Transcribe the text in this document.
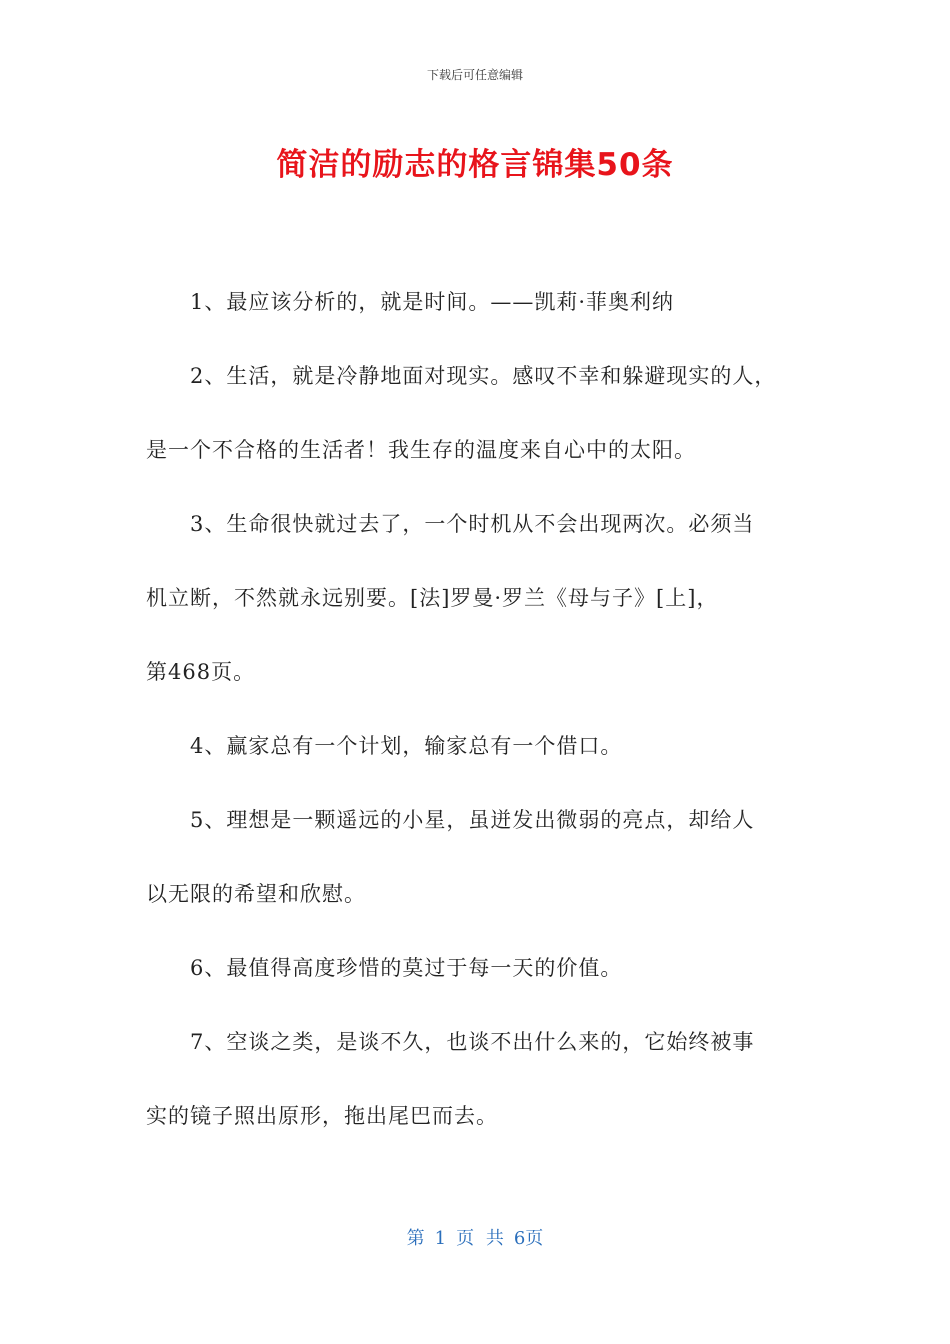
下载后可任意编辑
简洁的励志的格言锦集50条

1、最应该分析的，就是时间。——凯莉·菲奥利纳

2、生活，就是冷静地面对现实。感叹不幸和躲避现实的人，
是一个不合格的生活者！我生存的温度来自心中的太阳。

3、生命很快就过去了，一个时机从不会出现两次。必须当
机立断，不然就永远别要。[法]罗曼·罗兰《母与子》[上]，
第468页。

4、赢家总有一个计划，输家总有一个借口。

5、理想是一颗遥远的小星，虽迸发出微弱的亮点，却给人
以无限的希望和欣慰。

6、最值得高度珍惜的莫过于每一天的价值。

7、空谈之类，是谈不久，也谈不出什么来的，它始终被事
实的镜子照出原形，拖出尾巴而去。

第 1 页 共 6页
